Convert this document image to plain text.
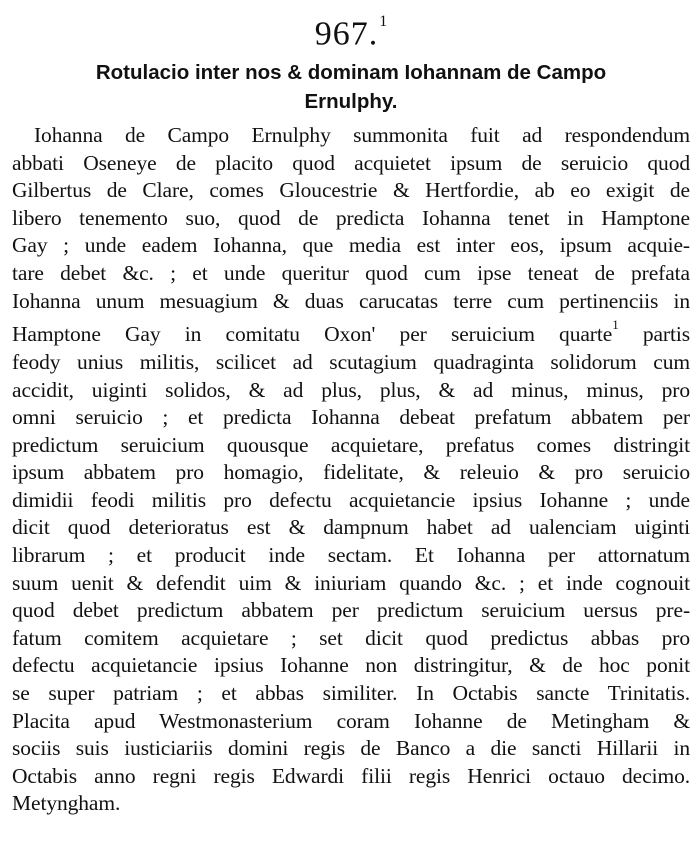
967.$^1$
Rotulacio inter nos & dominam Iohannam de Campo
Ernulphy.
Iohanna de Campo Ernulphy summonita fuit ad respondendum
abbati Oseneye de placito quod acquietet ipsum de seruicio quod
Gilbertus de Clare, comes Gloucestrie & Hertfordie, ab eo exigit de
libero tenemento suo, quod de predicta Iohanna tenet in Hamptone
Gay ; unde eadem Iohanna, que media est inter eos, ipsum acquie-
tare debet &c. ; et unde queritur quod cum ipse teneat de prefata
Iohanna unum mesuagium & duas carucatas terre cum pertinenciis in
Hamptone Gay in comitatu Oxon' per seruicium quarte$^1$ partis
feody unius militis, scilicet ad scutagium quadraginta solidorum cum
accidit, uiginti solidos, & ad plus, plus, & ad minus, minus, pro
omni seruicio ; et predicta Iohanna debeat prefatum abbatem per
predictum seruicium quousque acquietare, prefatus comes distringit
ipsum abbatem pro homagio, fidelitate, & releuio & pro seruicio
dimidii feodi militis pro defectu acquietancie ipsius Iohanne ; unde
dicit quod deterioratus est & dampnum habet ad ualenciam uiginti
librarum ; et producit inde sectam. Et Iohanna per attornatum
suum uenit & defendit uim & iniuriam quando &c. ; et inde cognouit
quod debet predictum abbatem per predictum seruicium uersus pre-
fatum comitem acquietare ; set dicit quod predictus abbas pro
defectu acquietancie ipsius Iohanne non distringitur, & de hoc ponit
se super patriam ; et abbas similiter. In Octabis sancte Trinitatis.
Placita apud Westmonasterium coram Iohanne de Metingham &
sociis suis iusticiariis domini regis de Banco a die sancti Hillarii in
Octabis anno regni regis Edwardi filii regis Henrici octauo decimo.
Metyngham.
